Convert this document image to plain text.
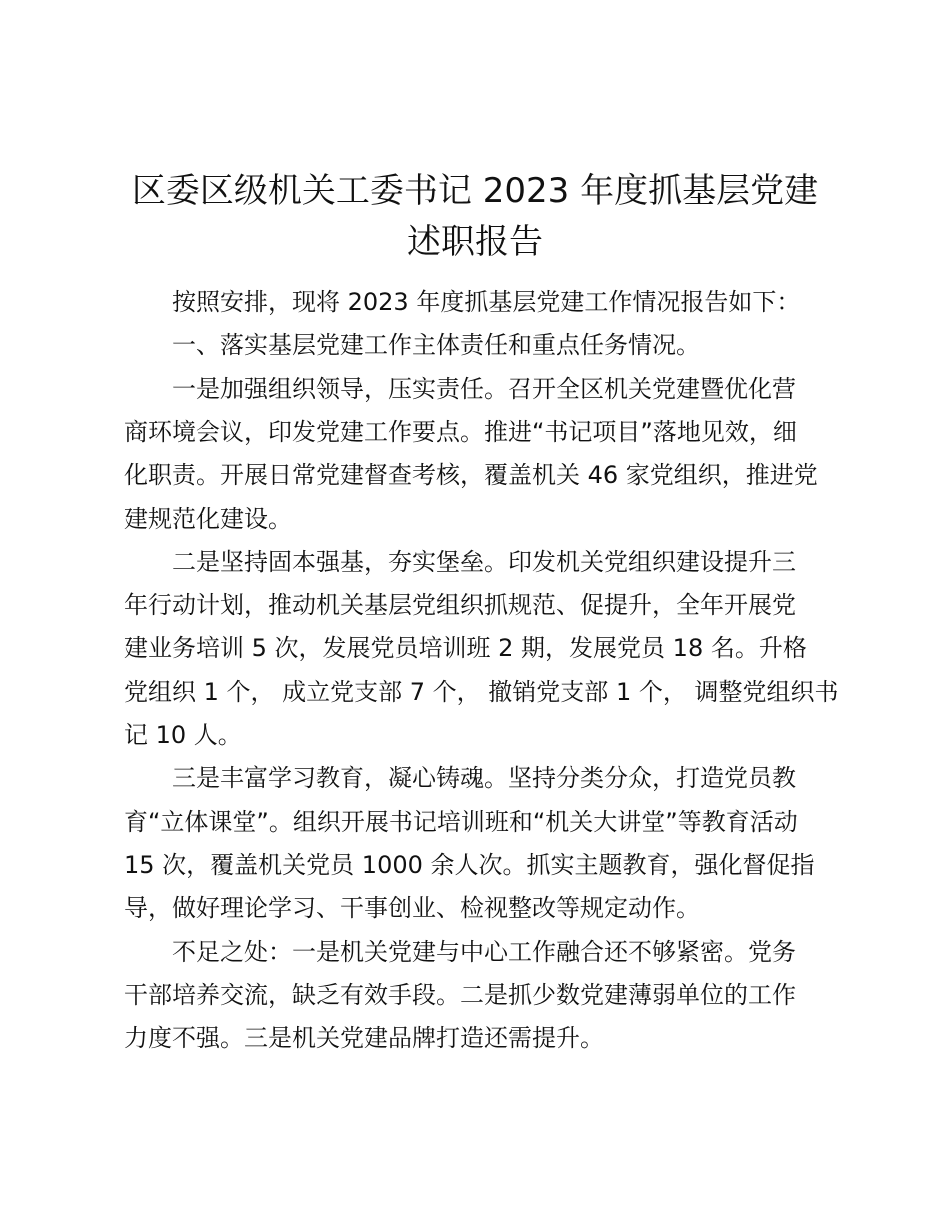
区委区级机关工委书记 2023 年度抓基层党建
述职报告
按照安排，现将 2023 年度抓基层党建工作情况报告如下：
一、落实基层党建工作主体责任和重点任务情况。
一是加强组织领导，压实责任。召开全区机关党建暨优化营
商环境会议，印发党建工作要点。推进“书记项目”落地见效，细
化职责。开展日常党建督查考核，覆盖机关 46 家党组织，推进党
建规范化建设。
二是坚持固本强基，夯实堡垒。印发机关党组织建设提升三
年行动计划，推动机关基层党组织抓规范、促提升，全年开展党
建业务培训 5 次，发展党员培训班 2 期，发展党员 18 名。升格
党组织 1 个， 成立党支部 7 个， 撤销党支部 1 个， 调整党组织书
记 10 人。
三是丰富学习教育，凝心铸魂。坚持分类分众，打造党员教
育“立体课堂”。组织开展书记培训班和“机关大讲堂”等教育活动
15 次，覆盖机关党员 1000 余人次。抓实主题教育，强化督促指
导，做好理论学习、干事创业、检视整改等规定动作。
不足之处：一是机关党建与中心工作融合还不够紧密。党务
干部培养交流，缺乏有效手段。二是抓少数党建薄弱单位的工作
力度不强。三是机关党建品牌打造还需提升。
